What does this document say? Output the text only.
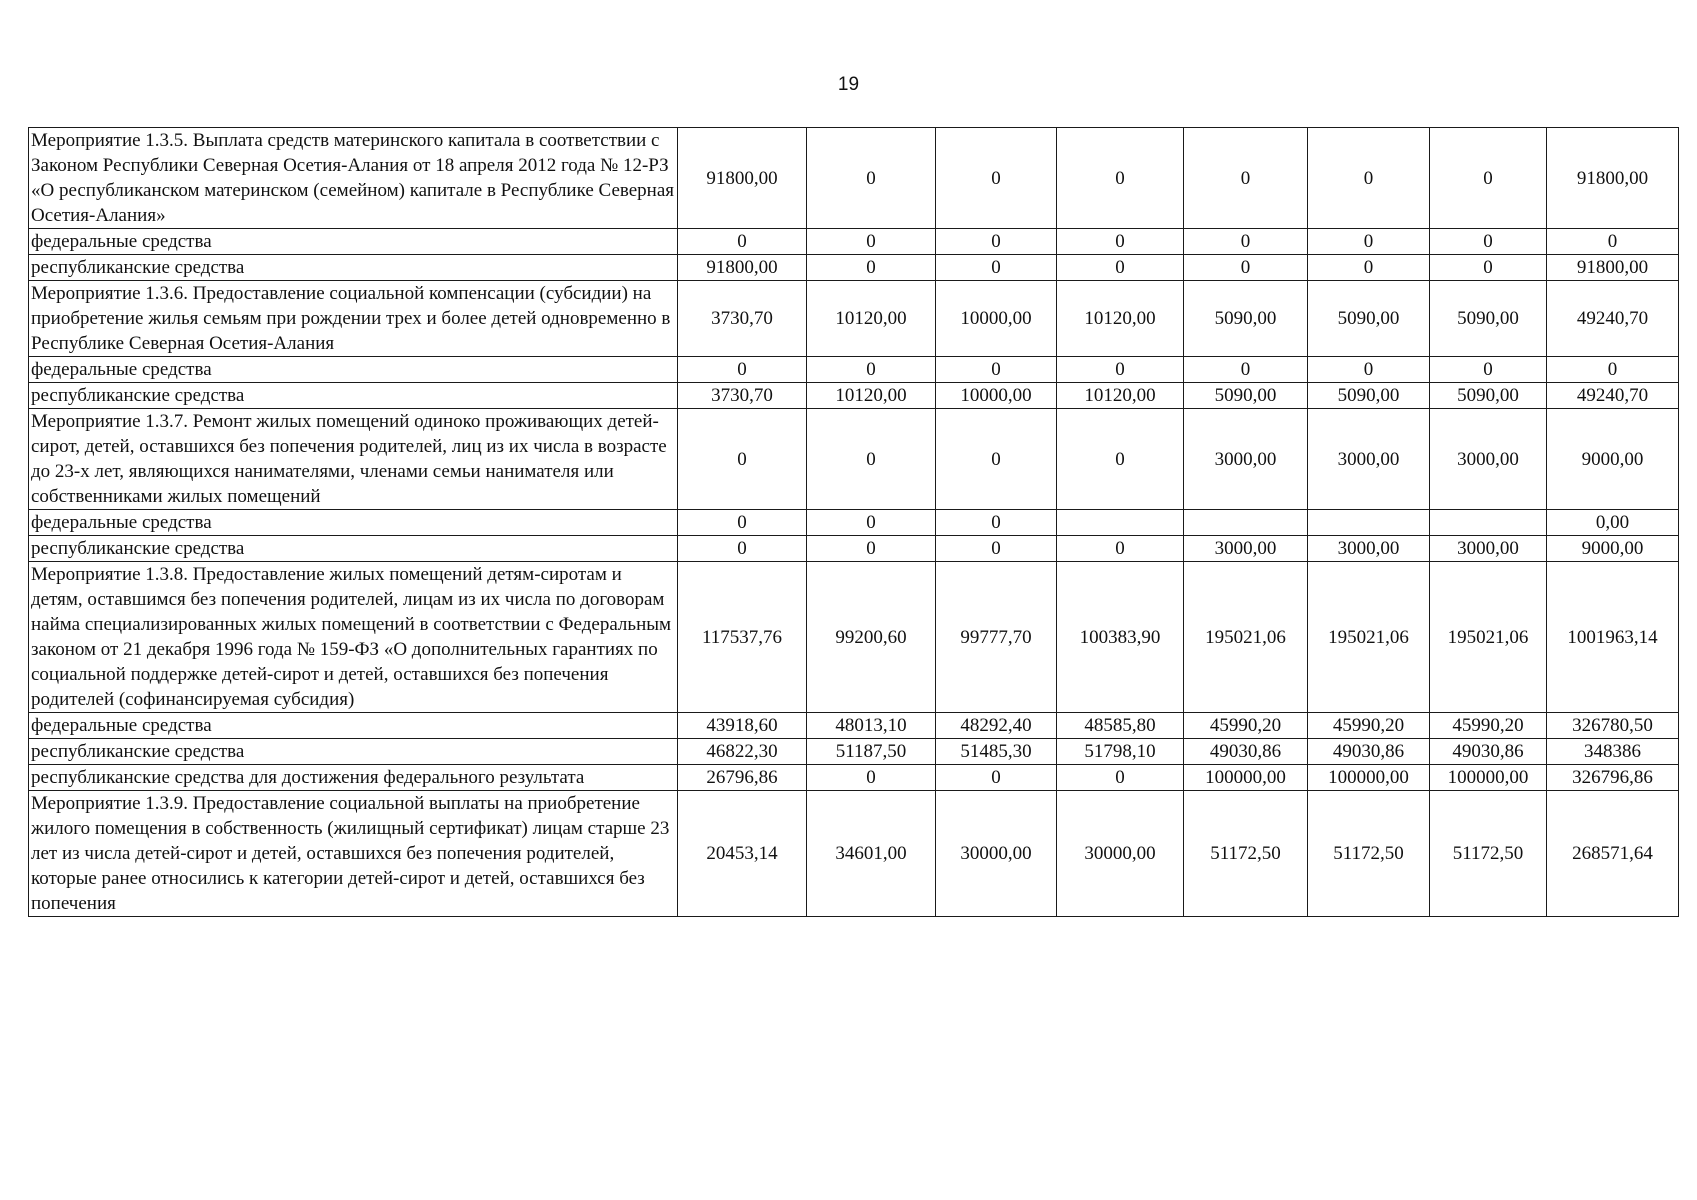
19
Мероприятие 1.3.5. Выплата средств материнского капитала в соответствии с Законом Республики Северная Осетия-Алания от 18 апреля 2012 года № 12-РЗ «О республиканском материнском (семейном) капитале в Республике Северная Осетия-Алания»	91800,00	0	0	0	0	0	0	91800,00
федеральные средства	0	0	0	0	0	0	0	0
республиканские средства	91800,00	0	0	0	0	0	0	91800,00
Мероприятие 1.3.6. Предоставление социальной компенсации (субсидии) на приобретение жилья семьям при рождении трех и более детей одновременно в Республике Северная Осетия-Алания	3730,70	10120,00	10000,00	10120,00	5090,00	5090,00	5090,00	49240,70
федеральные средства	0	0	0	0	0	0	0	0
республиканские средства	3730,70	10120,00	10000,00	10120,00	5090,00	5090,00	5090,00	49240,70
Мероприятие 1.3.7. Ремонт жилых помещений одиноко проживающих детей-сирот, детей, оставшихся без попечения родителей, лиц из их числа в возрасте до 23-х лет, являющихся нанимателями, членами семьи нанимателя или собственниками жилых помещений	0	0	0	0	3000,00	3000,00	3000,00	9000,00
федеральные средства	0	0	0					0,00
республиканские средства	0	0	0	0	3000,00	3000,00	3000,00	9000,00
Мероприятие 1.3.8. Предоставление жилых помещений детям-сиротам и детям, оставшимся без попечения родителей, лицам из их числа по договорам найма специализированных жилых помещений в соответствии с Федеральным законом от 21 декабря 1996 года № 159-ФЗ «О дополнительных гарантиях по социальной поддержке детей-сирот и детей, оставшихся без попечения родителей (софинансируемая субсидия)	117537,76	99200,60	99777,70	100383,90	195021,06	195021,06	195021,06	1001963,14
федеральные средства	43918,60	48013,10	48292,40	48585,80	45990,20	45990,20	45990,20	326780,50
республиканские средства	46822,30	51187,50	51485,30	51798,10	49030,86	49030,86	49030,86	348386
республиканские средства для достижения федерального результата	26796,86	0	0	0	100000,00	100000,00	100000,00	326796,86
Мероприятие 1.3.9. Предоставление социальной выплаты на приобретение жилого помещения в собственность (жилищный сертификат) лицам старше 23 лет из числа детей-сирот и детей, оставшихся без попечения родителей, которые ранее относились к категории детей-сирот и детей, оставшихся без попечения	20453,14	34601,00	30000,00	30000,00	51172,50	51172,50	51172,50	268571,64
